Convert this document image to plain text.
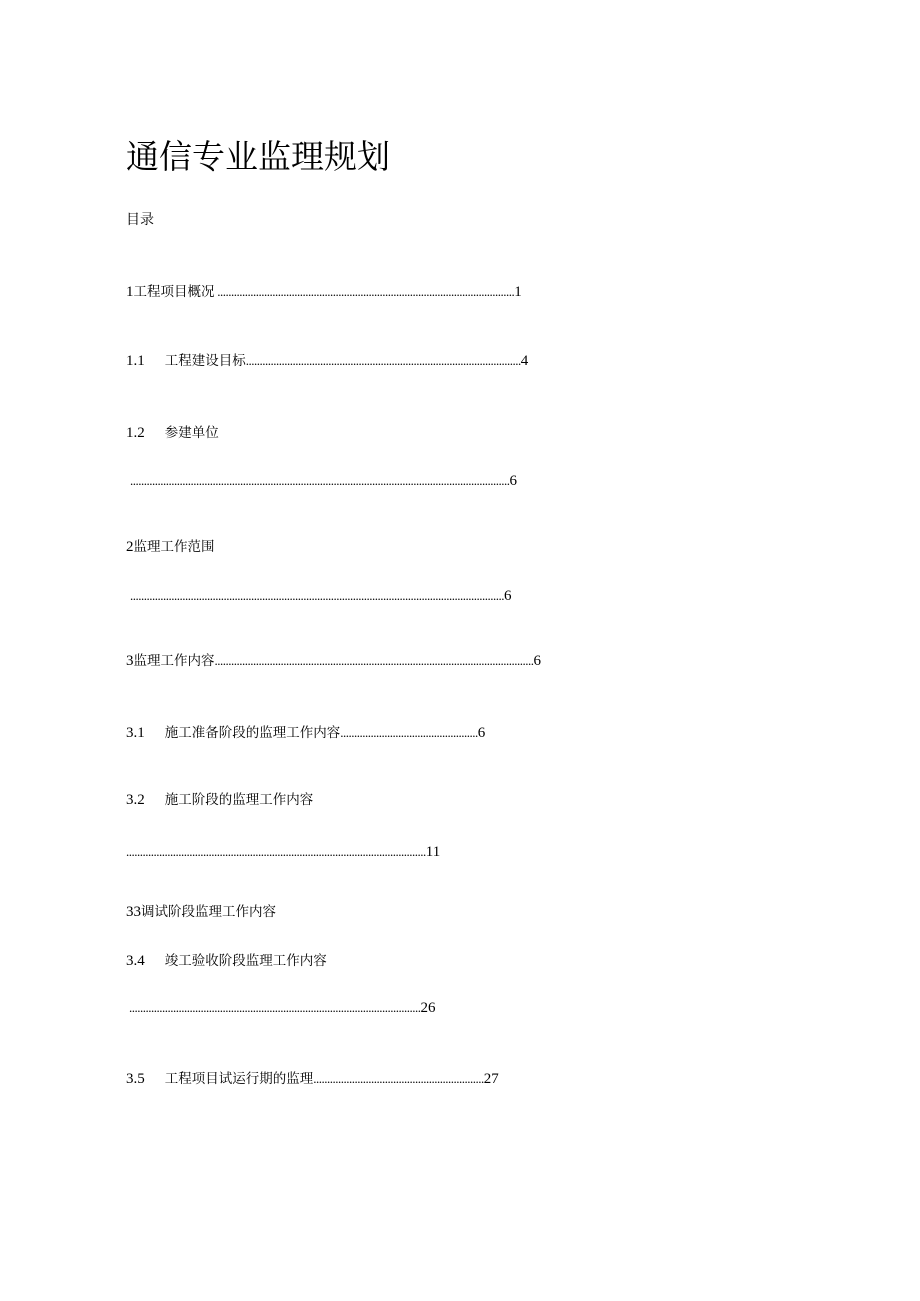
通信专业监理规划
目录
1工程项目概况 ............................................................................................................1
1.1 工程建设目标....................................................................................................4
1.2 参建单位
..........................................................................................................................................6
2监理工作范围
........................................................................................................................................6
3监理工作内容....................................................................................................................6
3.1 施工准备阶段的监理工作内容..................................................6
3.2 施工阶段的监理工作内容
.............................................................................................................11
33调试阶段监理工作内容
3.4 竣工验收阶段监理工作内容
..........................................................................................................26
3.5 工程项目试运行期的监理..............................................................27
